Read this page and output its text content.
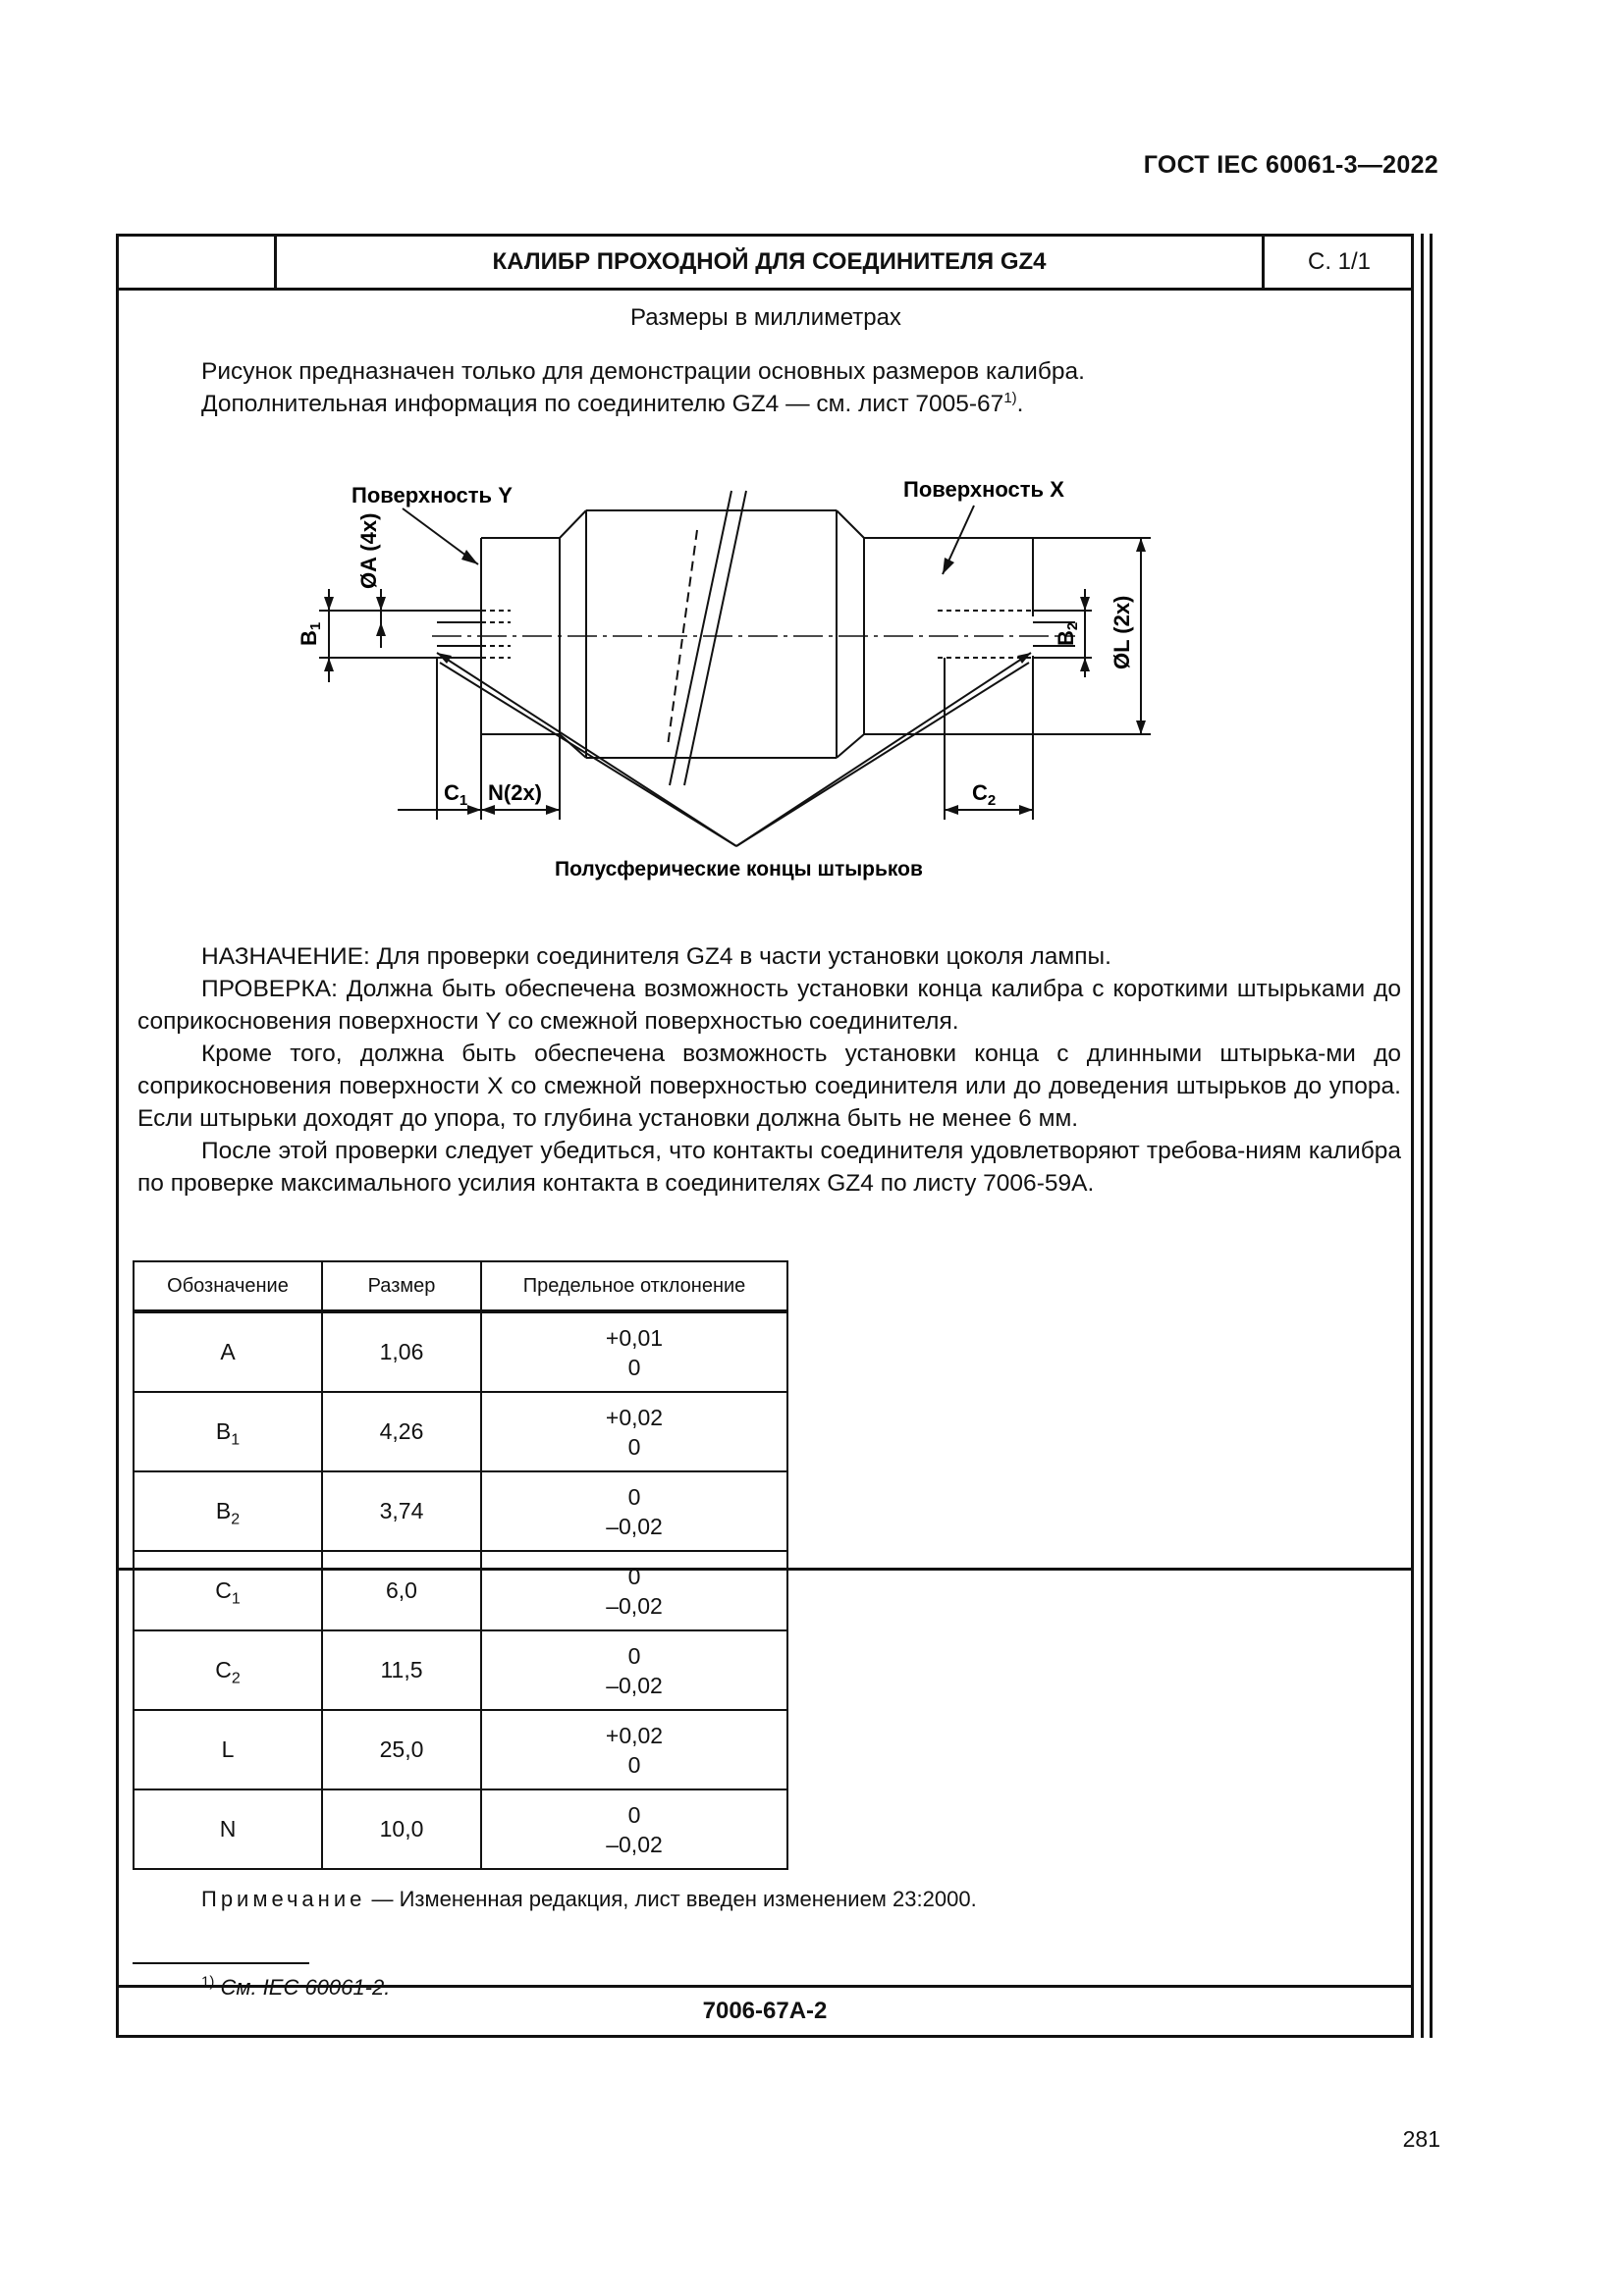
ГОСТ IEC 60061-3—2022
КАЛИБР ПРОХОДНОЙ ДЛЯ СОЕДИНИТЕЛЯ GZ4	С. 1/1
Размеры в миллиметрах
Рисунок предназначен только для демонстрации основных размеров калибра.
Дополнительная информация по соединителю GZ4 — см. лист 7005-67$^{1)}$.
Поверхность Y	Поверхность X
ØA (4x)
B1
B2 ØL (2x)
$C_1$ N(2x)	$C_2$
Полусферические концы штырьков

НАЗНАЧЕНИЕ: Для проверки соединителя GZ4 в части установки цоколя лампы.

ПРОВЕРКА: Должна быть обеспечена возможность установки конца калибра с короткими штырьками до соприкосновения поверхности Y со смежной поверхностью соединителя.

Кроме того, должна быть обеспечена возможность установки конца с длинными штырька-ми до соприкосновения поверхности X со смежной поверхностью соединителя или до доведения штырьков до упора. Если штырьки доходят до упора, то глубина установки должна быть не менее 6 мм.

После этой проверки следует убедиться, что контакты соединителя удовлетворяют требова-ниям калибра по проверке максимального усилия контакта в соединителях GZ4 по листу 7006-59А.

Обозначение	Размер	Предельное отклонение
A	1,06	+0,01
0

$B_1$	4,26	+0,02
0

$B_2$	3,74	0
–0,02

$C_1$	6,0	0
–0,02

$C_2$	11,5	0
–0,02

L	25,0	+0,02
0

N	10,0	0
–0,02
Примечание — Измененная редакция, лист введен изменением 23:2000.
$^{1)}$ См. IEC 60061-2.
7006-67А-2
281
